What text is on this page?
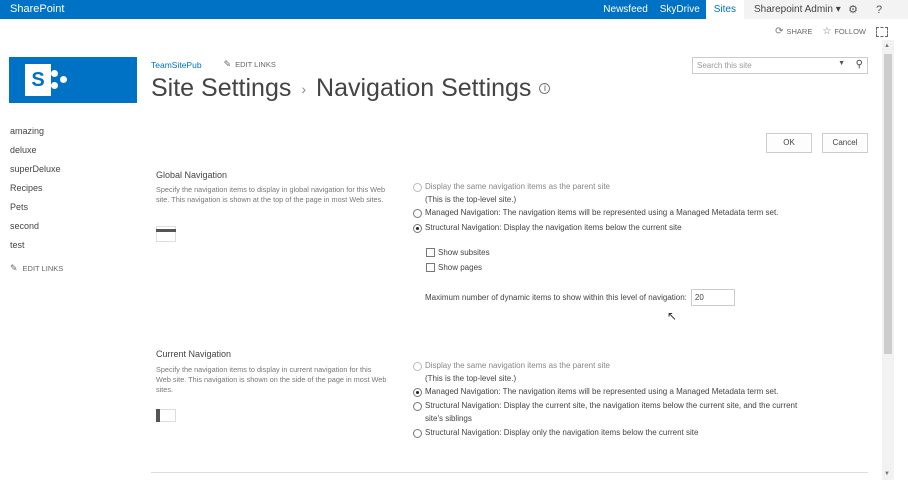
SharePoint	Newsfeed	SkyDrive	Sites	Sharepoint Admin ▾ ⚙	?
⟳ SHARE ☆ FOLLOW
S
TeamSitePub ✎ EDIT LINKS
Site Settings › Navigation Settings	i
Search this site	▼ ⚲
amazing
deluxe
superDeluxe
Recipes
Pets
second
test
✎ EDIT LINKS
OK	Cancel
Global Navigation
Specify the navigation items to display in global navigation for this Web site. This navigation is shown at the top of the page in most Web sites.
Display the same navigation items as the parent site
(This is the top-level site.)
Managed Navigation: The navigation items will be represented using a Managed Metadata term set.
Structural Navigation: Display the navigation items below the current site
Show subsites
Show pages
Maximum number of dynamic items to show within this level of navigation:	20
↖
Current Navigation
Specify the navigation items to display in current navigation for this Web site. This navigation is shown on the side of the page in most Web sites.
Display the same navigation items as the parent site
(This is the top-level site.)
Managed Navigation: The navigation items will be represented using a Managed Metadata term set.
Structural Navigation: Display the current site, the navigation items below the current site, and the current
site's siblings
Structural Navigation: Display only the navigation items below the current site
▲
▼
